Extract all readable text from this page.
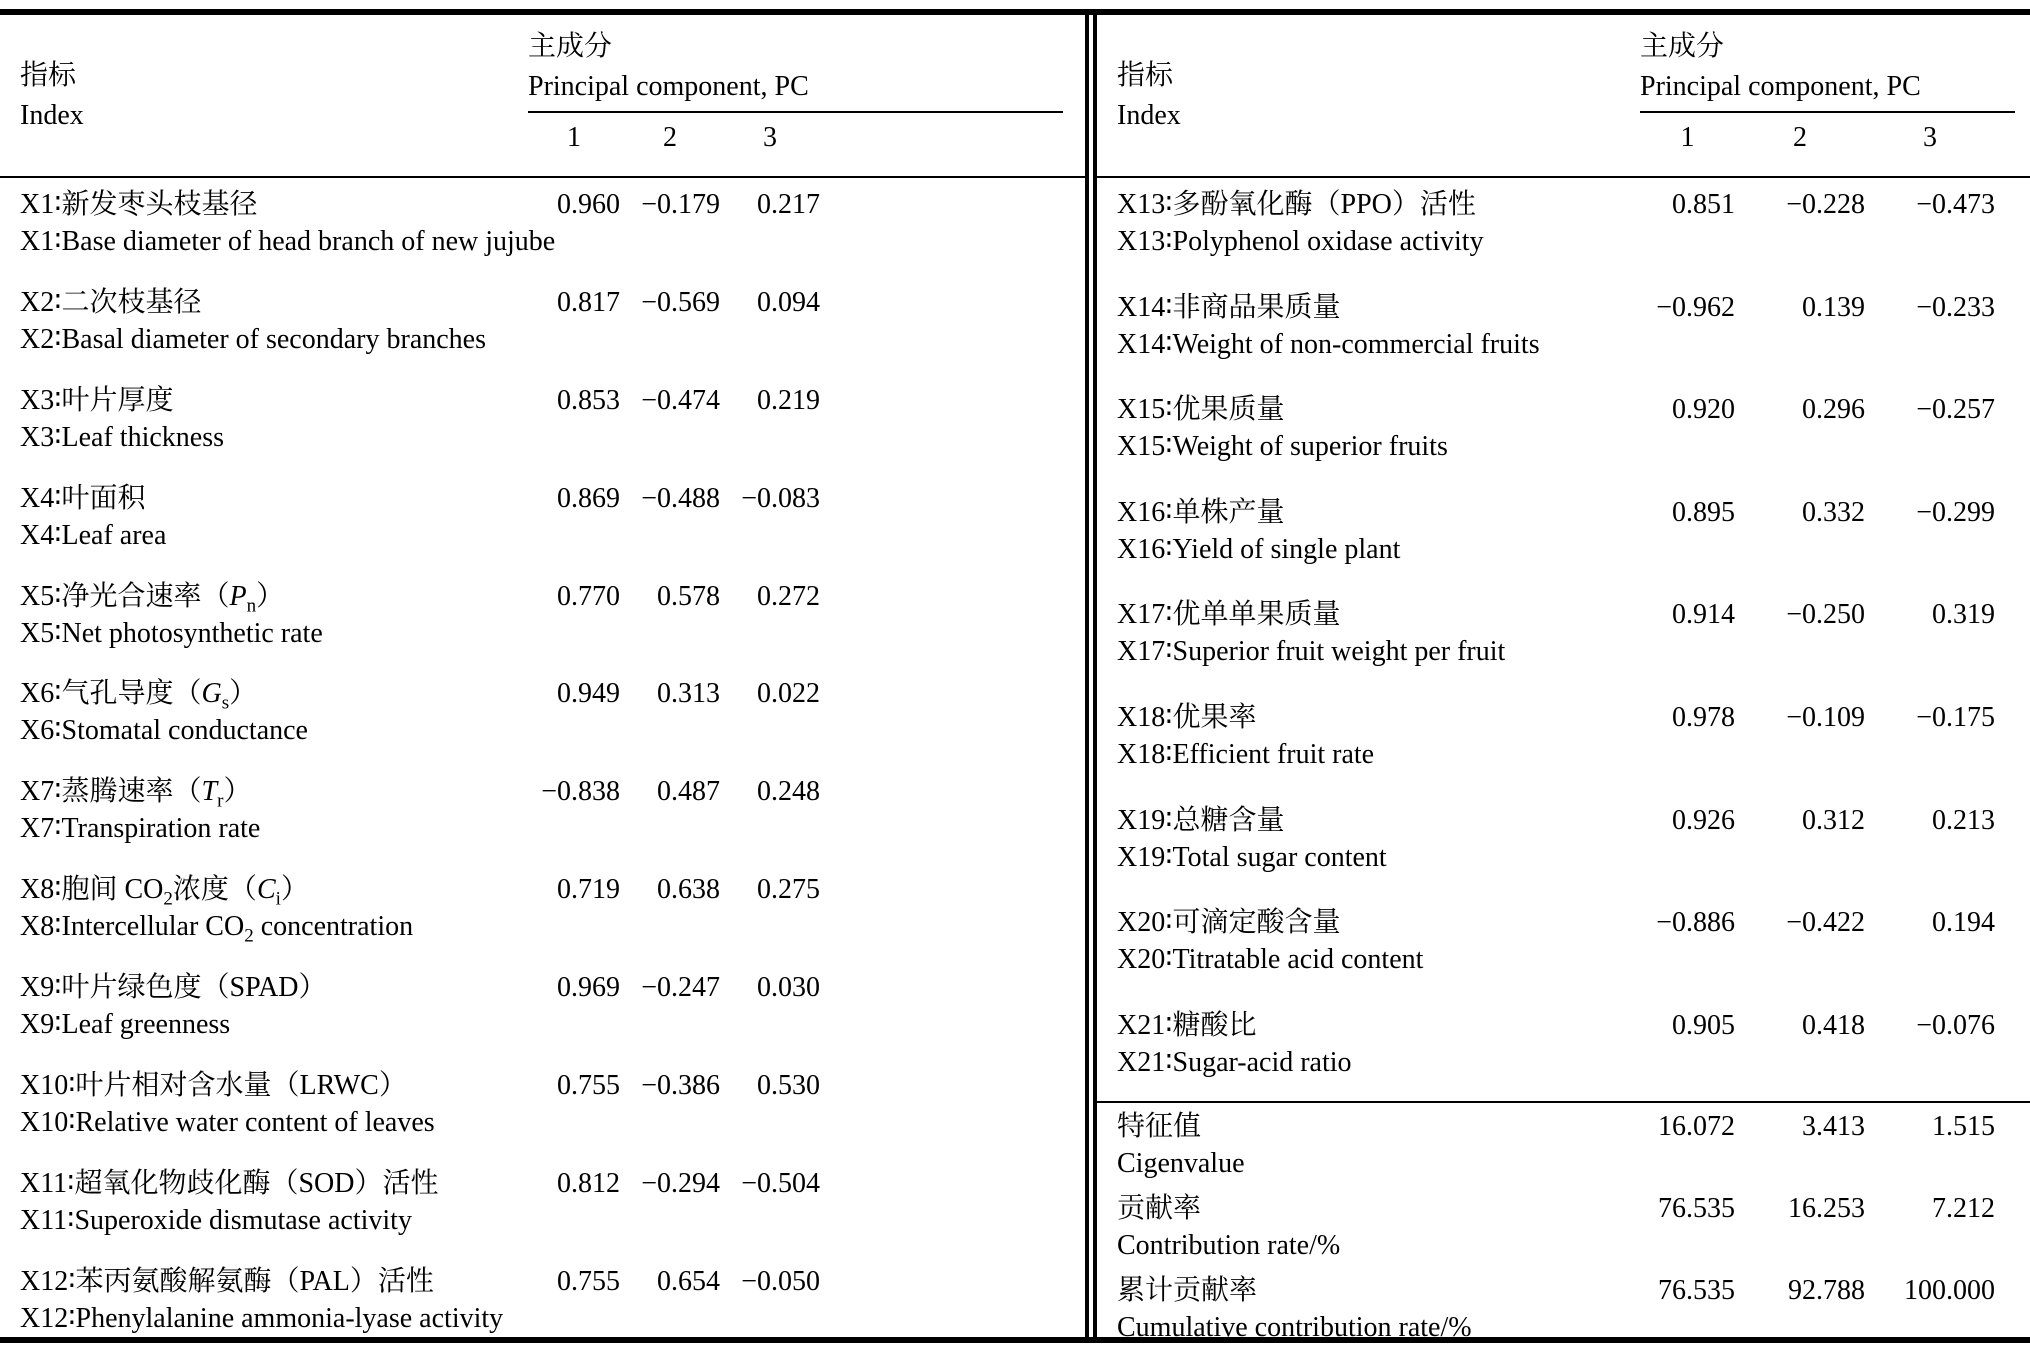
指标
Index
主成分
Principal component, PC
1	2	3
X1∶新发枣头枝基径
X1∶Base diameter of head branch of new jujube
0.960 −0.179	0.217
X2∶二次枝基径
X2∶Basal diameter of secondary branches
0.817 −0.569	0.094
X3∶叶片厚度
X3∶Leaf thickness
0.853 −0.474	0.219
X4∶叶面积
X4∶Leaf area
0.869 −0.488 −0.083
X5∶净光合速率$(P_n)$
X5∶Net photosynthetic rate
0.770	0.578	0.272
X6∶气孔导度$(G_s)$
X6∶Stomatal conductance
0.949	0.313	0.022
X7∶蒸腾速率$(T_r)$
X7∶Transpiration rate
−0.838	0.487	0.248
X8∶胞间 $CO_2$浓度$(C_i)$
X8∶Intercellular $CO_2$ concentration
0.719	0.638	0.275
X9∶叶片绿色度（SPAD）
X9∶Leaf greenness
0.969 −0.247	0.030
X10∶叶片相对含水量（LRWC）
X10∶Relative water content of leaves
0.755 −0.386	0.530
X11∶超氧化物歧化酶（SOD）活性
X11∶Superoxide dismutase activity
0.812 −0.294 −0.504
X12∶苯丙氨酸解氨酶（PAL）活性
X12∶Phenylalanine ammonia-lyase activity
0.755	0.654 −0.050
指标
Index
主成分
Principal component, PC
1	2	3
X13∶多酚氧化酶（PPO）活性
X13∶Polyphenol oxidase activity
0.851	−0.228	−0.473
X14∶非商品果质量
X14∶Weight of non-commercial fruits
−0.962	0.139	−0.233
X15∶优果质量
X15∶Weight of superior fruits
0.920	0.296	−0.257
X16∶单株产量
X16∶Yield of single plant
0.895	0.332	−0.299
X17∶优单单果质量
X17∶Superior fruit weight per fruit
0.914	−0.250	0.319
X18∶优果率
X18∶Efficient fruit rate
0.978	−0.109	−0.175
X19∶总糖含量
X19∶Total sugar content
0.926	0.312	0.213
X20∶可滴定酸含量
X20∶Titratable acid content
−0.886	−0.422	0.194
X21∶糖酸比
X21∶Sugar-acid ratio
0.905	0.418	−0.076
特征值
Cigenvalue
16.072	3.413	1.515
贡献率
Contribution rate/%
76.535	16.253	7.212
累计贡献率
Cumulative contribution rate/%
76.535	92.788	100.000
